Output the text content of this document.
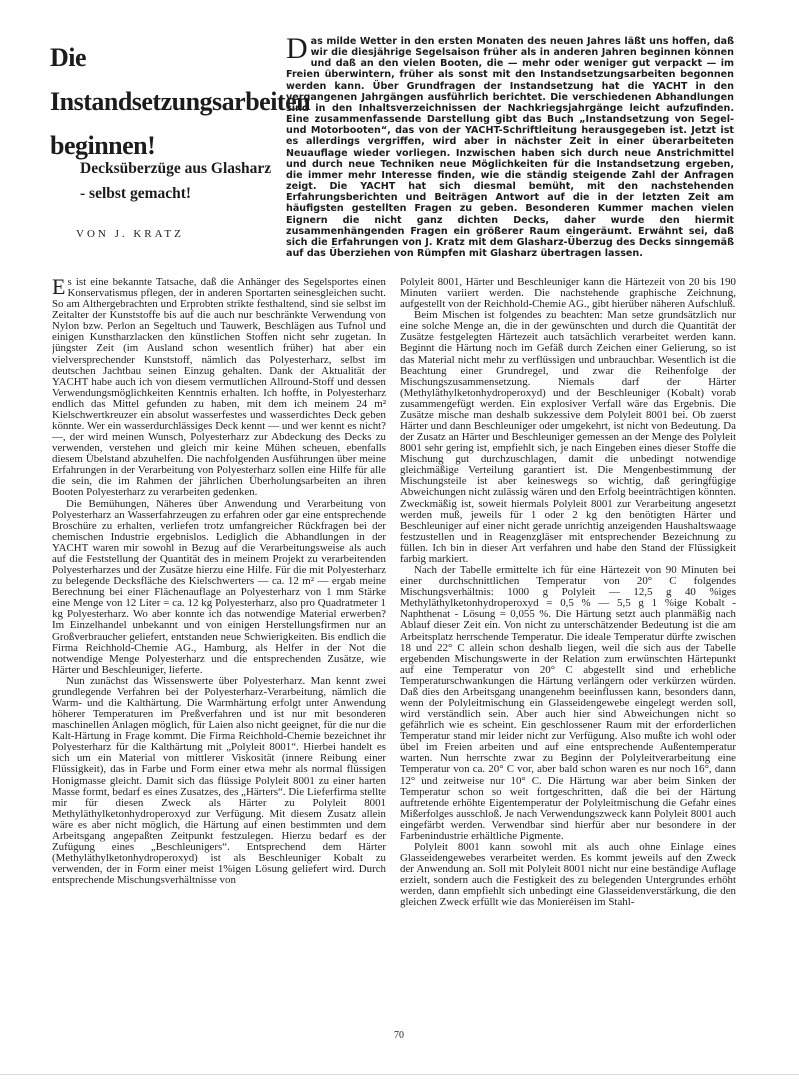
Die Instandsetzungsarbeiten beginnen!
Decksüberzüge aus Glasharz - selbst gemacht!
VON J. KRATZ
D as milde Wetter in den ersten Monaten des neuen Jahres läßt uns hoffen, daß wir die diesjährige Segelsaison früher als in anderen Jahren beginnen können und daß an den vielen Booten, die — mehr oder weniger gut verpackt — im Freien überwintern, früher als sonst mit den Instandsetzungsarbeiten begonnen werden kann. Über Grundfragen der Instandsetzung hat die YACHT in den vergangenen Jahrgängen ausführlich berichtet. Die verschiedenen Abhandlungen sind in den Inhaltsverzeichnissen der Nachkriegsjahrgänge leicht aufzufinden. Eine zusammenfassende Darstellung gibt das Buch „Instandsetzung von Segel- und Motorbooten“, das von der YACHT-Schriftleitung herausgegeben ist. Jetzt ist es allerdings vergriffen, wird aber in nächster Zeit in einer überarbeiteten Neuauflage wieder vorliegen. Inzwischen haben sich durch neue Anstrichmittel und durch neue Techniken neue Möglichkeiten für die Instandsetzung ergeben, die immer mehr Interesse finden, wie die ständig steigende Zahl der Anfragen zeigt. Die YACHT hat sich diesmal bemüht, mit den nachstehenden Erfahrungsberichten und Beiträgen Antwort auf die in der letzten Zeit am häufigsten gestellten Fragen zu geben. Besonderen Kummer machen vielen Eignern die nicht ganz dichten Decks, daher wurde den hiermit zusammenhängenden Fragen ein größerer Raum eingeräumt. Erwähnt sei, daß sich die Erfahrungen von J. Kratz mit dem Glasharz-Überzug des Decks sinngemäß auf das Überziehen von Rümpfen mit Glasharz übertragen lassen.

Es ist eine bekannte Tatsache, daß die Anhänger des Segelsportes einen Konservatismus pflegen, der in anderen Sportarten seinesgleichen sucht. So am Althergebrachten und Erprobten strikte festhaltend, sind sie selbst im Zeitalter der Kunststoffe bis auf die auch nur beschränkte Verwendung von Nylon bzw. Perlon an Segeltuch und Tauwerk, Beschlägen aus Tufnol und einigen Kunstharzlacken den künstlichen Stoffen nicht sehr zugetan. In jüngster Zeit (im Ausland schon wesentlich früher) hat aber ein vielversprechender Kunststoff, nämlich das Polyesterharz, selbst im deutschen Jachtbau seinen Einzug gehalten. Dank der Aktualität der YACHT habe auch ich von diesem vermutlichen Allround-Stoff und dessen Verwendungsmöglichkeiten Kenntnis erhalten. Ich hoffte, in Polyesterharz endlich das Mittel gefunden zu haben, mit dem ich meinem 24 m² Kielschwertkreuzer ein absolut wasserfestes und wasserdichtes Deck geben könnte. Wer ein wasserdurchlässiges Deck kennt — und wer kennt es nicht? —, der wird meinen Wunsch, Polyesterharz zur Abdeckung des Decks zu verwenden, verstehen und gleich mir keine Mühen scheuen, ebenfalls diesem Übelstand abzuhelfen. Die nachfolgenden Ausführungen über meine Erfahrungen in der Verarbeitung von Polyesterharz sollen eine Hilfe für alle die sein, die im Rahmen der jährlichen Überholungsarbeiten an ihren Booten Polyesterharz zu verarbeiten gedenken.

Die Bemühungen, Näheres über Anwendung und Verarbeitung von Polyesterharz an Wasserfahrzeugen zu erfahren oder gar eine entsprechende Broschüre zu erhalten, verliefen trotz umfangreicher Rückfragen bei der chemischen Industrie ergebnislos. Lediglich die Abhandlungen in der YACHT waren mir sowohl in Bezug auf die Verarbeitungsweise als auch auf die Feststellung der Quantität des in meinem Projekt zu verarbeitenden Polyesterharzes und der Zusätze hierzu eine Hilfe. Für die mit Polyesterharz zu belegende Decksfläche des Kielschwerters — ca. 12 m² — ergab meine Berechnung bei einer Flächenauflage an Polyesterharz von 1 mm Stärke eine Menge von 12 Liter = ca. 12 kg Polyesterharz, also pro Quadratmeter 1 kg Polyesterharz. Wo aber konnte ich das notwendige Material erwerben? Im Einzelhandel unbekannt und von einigen Herstellungsfirmen nur an Großverbraucher geliefert, entstanden neue Schwierigkeiten. Bis endlich die Firma Reichhold-Chemie AG., Hamburg, als Helfer in der Not die notwendige Menge Polyesterharz und die entsprechenden Zusätze, wie Härter und Beschleuniger, lieferte.

Nun zunächst das Wissenswerte über Polyesterharz. Man kennt zwei grundlegende Verfahren bei der Polyesterharz-Verarbeitung, nämlich die Warm- und die Kalthärtung. Die Warmhärtung erfolgt unter Anwendung höherer Temperaturen im Preßverfahren und ist nur mit besonderen maschinellen Anlagen möglich, für Laien also nicht geeignet, für die nur die Kalt-Härtung in Frage kommt. Die Firma Reichhold-Chemie bezeichnet ihr Polyesterharz für die Kalthärtung mit „Polyleit 8001“. Hierbei handelt es sich um ein Material von mittlerer Viskosität (innere Reibung einer Flüssigkeit), das in Farbe und Form einer etwa mehr als normal flüssigen Honigmasse gleicht. Damit sich das flüssige Polyleit 8001 zu einer harten Masse formt, bedarf es eines Zusatzes, des „Härters“. Die Lieferfirma stellte mir für diesen Zweck als Härter zu Polyleit 8001 Methyläthylketonhydroperoxyd zur Verfügung. Mit diesem Zusatz allein wäre es aber nicht möglich, die Härtung auf einen bestimmten und dem Arbeitsgang angepaßten Zeitpunkt festzulegen. Hierzu bedarf es der Zufügung eines „Beschleunigers“. Entsprechend dem Härter (Methyläthylketonhydroperoxyd) ist als Beschleuniger Kobalt zu verwenden, der in Form einer meist 1%igen Lösung geliefert wird. Durch entsprechende Mischungsverhältnisse von

Polyleit 8001, Härter und Beschleuniger kann die Härtezeit von 20 bis 190 Minuten variiert werden. Die nachstehende graphische Zeichnung, aufgestellt von der Reichhold-Chemie AG., gibt hierüber näheren Aufschluß.

Beim Mischen ist folgendes zu beachten: Man setze grundsätzlich nur eine solche Menge an, die in der gewünschten und durch die Quantität der Zusätze festgelegten Härtezeit auch tatsächlich verarbeitet werden kann. Beginnt die Härtung noch im Gefäß durch Zeichen einer Gelierung, so ist das Material nicht mehr zu verflüssigen und unbrauchbar. Wesentlich ist die Beachtung einer Grundregel, und zwar die Reihenfolge der Mischungszusammensetzung. Niemals darf der Härter (Methyläthylketonhydroperoxyd) und der Beschleuniger (Kobalt) vorab zusammengefügt werden. Ein explosiver Verfall wäre das Ergebnis. Die Zusätze mische man deshalb sukzessive dem Polyleit 8001 bei. Ob zuerst Härter und dann Beschleuniger oder umgekehrt, ist nicht von Bedeutung. Da der Zusatz an Härter und Beschleuniger gemessen an der Menge des Polyleit 8001 sehr gering ist, empfiehlt sich, je nach Eingeben eines dieser Stoffe die Mischung gut durchzuschlagen, damit die unbedingt notwendige gleichmäßige Verteilung garantiert ist. Die Mengenbestimmung der Mischungsteile ist aber keineswegs so wichtig, daß geringfügige Abweichungen nicht zulässig wären und den Erfolg beeinträchtigen könnten. Zweckmäßig ist, soweit hiermals Polyleit 8001 zur Verarbeitung angesetzt werden muß, jeweils für 1 oder 2 kg den benötigten Härter und Beschleuniger auf einer nicht gerade unrichtig anzeigenden Haushaltswaage festzustellen und in Reagenzgläser mit entsprechender Bezeichnung zu füllen. Ich bin in dieser Art verfahren und habe den Stand der Flüssigkeit farbig markiert.

Nach der Tabelle ermittelte ich für eine Härtezeit von 90 Minuten bei einer durchschnittlichen Temperatur von 20° C folgendes Mischungsverhältnis: 1000 g Polyleit — 12,5 g 40 %iges Methyläthylketonhydroperoxyd = 0,5 % — 5,5 g 1 %ige Kobalt - Naphthenat - Lösung = 0,055 %. Die Härtung setzt auch planmäßig nach Ablauf dieser Zeit ein. Von nicht zu unterschätzender Bedeutung ist die am Arbeitsplatz herrschende Temperatur. Die ideale Temperatur dürfte zwischen 18 und 22° C allein schon deshalb liegen, weil die sich aus der Tabelle ergebenden Mischungswerte in der Relation zum erwünschten Härtepunkt auf eine Temperatur von 20° C abgestellt sind und erhebliche Temperaturschwankungen die Härtung verlängern oder verkürzen würden. Daß dies den Arbeitsgang unangenehm beeinflussen kann, besonders dann, wenn der Polyleitmischung ein Glasseidengewebe eingelegt werden soll, wird verständlich sein. Aber auch hier sind Abweichungen nicht so gefährlich wie es scheint. Ein geschlossener Raum mit der erforderlichen Temperatur stand mir leider nicht zur Verfügung. Also mußte ich wohl oder übel im Freien arbeiten und auf eine entsprechende Außentemperatur warten. Nun herrschte zwar zu Beginn der Polyleitverarbeitung eine Temperatur von ca. 20° C vor, aber bald schon waren es nur noch 16°, dann 12° und zeitweise nur 10° C. Die Härtung war aber beim Sinken der Temperatur schon so weit fortgeschritten, daß die bei der Härtung auftretende erhöhte Eigentemperatur der Polyleitmischung die Gefahr eines Mißerfolges ausschloß. Je nach Verwendungszweck kann Polyleit 8001 auch eingefärbt werden. Verwendbar sind hierfür aber nur besondere in der Farbenindustrie erhältliche Pigmente.

Polyleit 8001 kann sowohl mit als auch ohne Einlage eines Glasseidengewebes verarbeitet werden. Es kommt jeweils auf den Zweck der Anwendung an. Soll mit Polyleit 8001 nicht nur eine beständige Auflage erzielt, sondern auch die Festigkeit des zu belegenden Untergrundes erhöht werden, dann empfiehlt sich unbedingt eine Glasseidenverstärkung, die den gleichen Zweck erfüllt wie das Monieréisen im Stahl-

70
